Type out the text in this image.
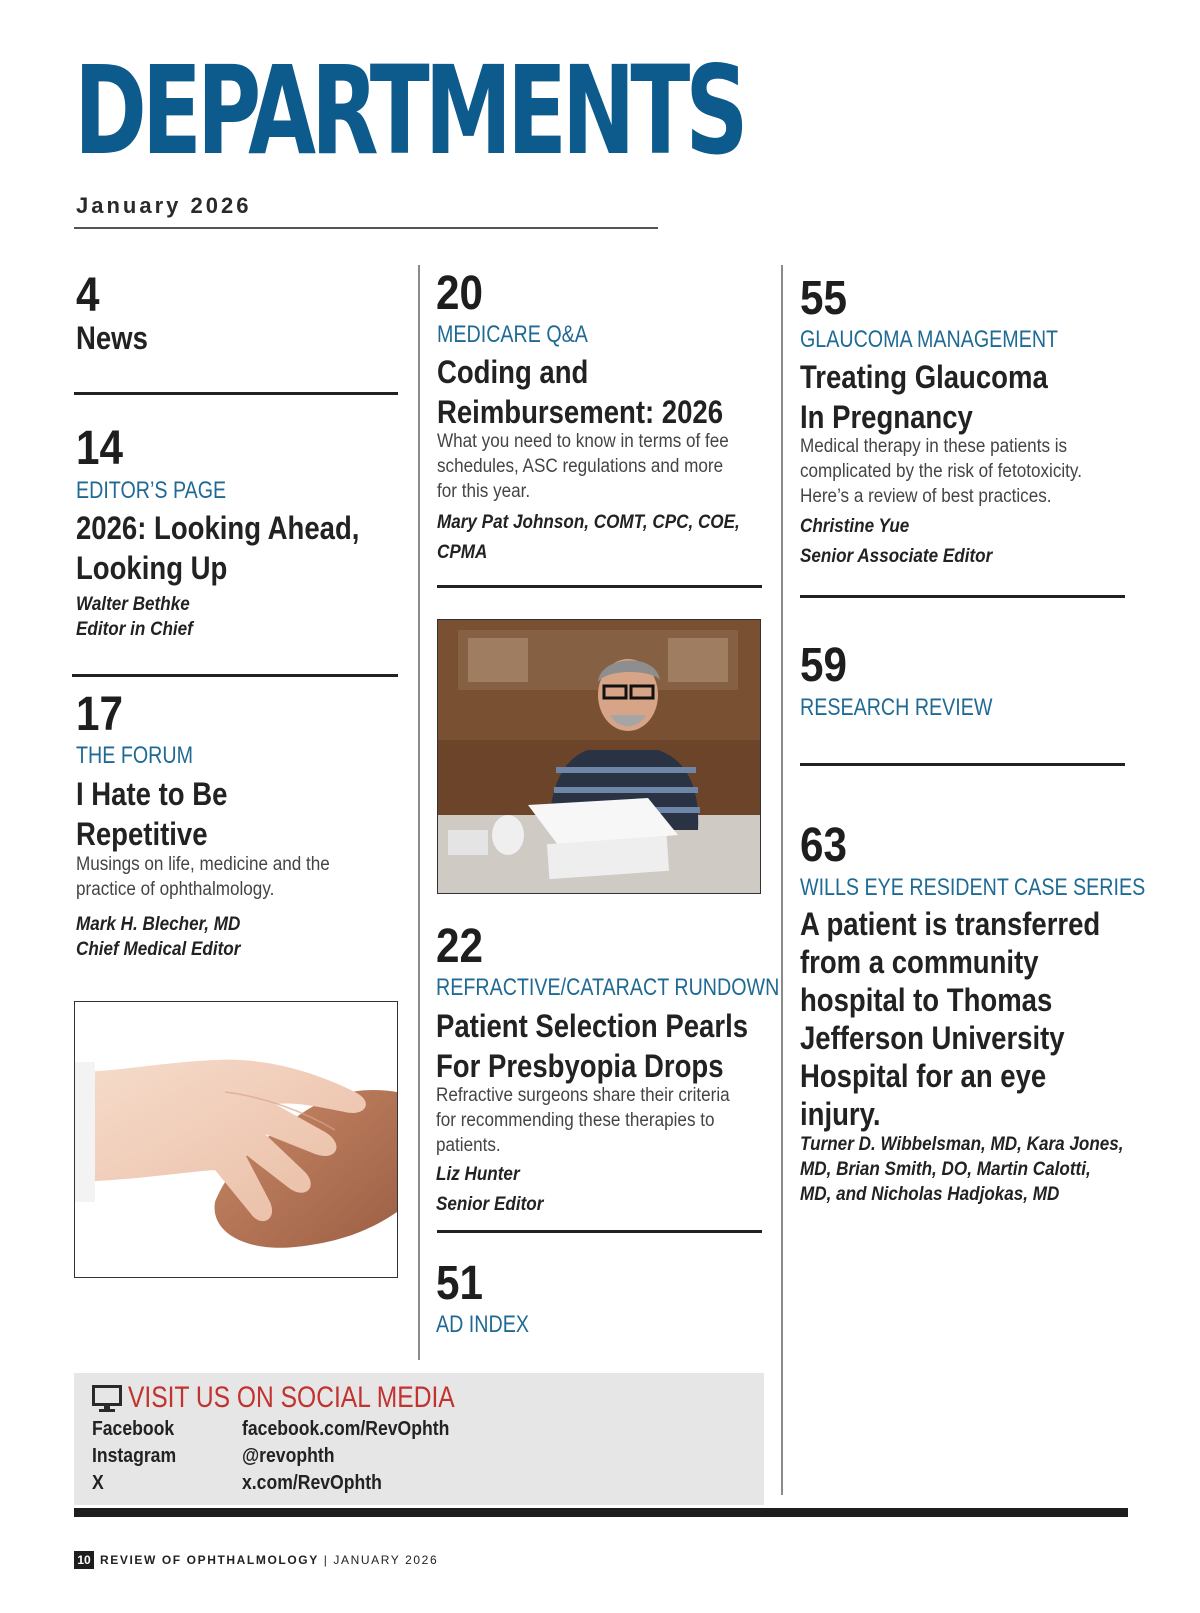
DEPARTMENTS
January 2026
4
News
14
EDITOR’S PAGE
2026: Looking Ahead,
Looking Up
Walter Bethke
Editor in Chief
17
THE FORUM
I Hate to Be
Repetitive
Musings on life, medicine and the
practice of ophthalmology.
Mark H. Blecher, MD
Chief Medical Editor
20
MEDICARE Q&A
Coding and
Reimbursement: 2026
What you need to know in terms of fee
schedules, ASC regulations and more
for this year.
Mary Pat Johnson, COMT, CPC, COE,
CPMA
22
REFRACTIVE/CATARACT RUNDOWN
Patient Selection Pearls
For Presbyopia Drops
Refractive surgeons share their criteria
for recommending these therapies to
patients.
Liz Hunter
Senior Editor
51
AD INDEX
55
GLAUCOMA MANAGEMENT
Treating Glaucoma
In Pregnancy
Medical therapy in these patients is
complicated by the risk of fetotoxicity.
Here’s a review of best practices.
Christine Yue
Senior Associate Editor
59
RESEARCH REVIEW
63
WILLS EYE RESIDENT CASE SERIES
A patient is transferred
from a community
hospital to Thomas
Jefferson University
Hospital for an eye
injury.
Turner D. Wibbelsman, MD, Kara Jones,
MD, Brian Smith, DO, Martin Calotti,
MD, and Nicholas Hadjokas, MD
VISIT US ON SOCIAL MEDIA
Facebook	facebook.com/RevOphth
Instagram	@revophth
X	x.com/RevOphth
10 REVIEW OF OPHTHALMOLOGY | JANUARY 2026
